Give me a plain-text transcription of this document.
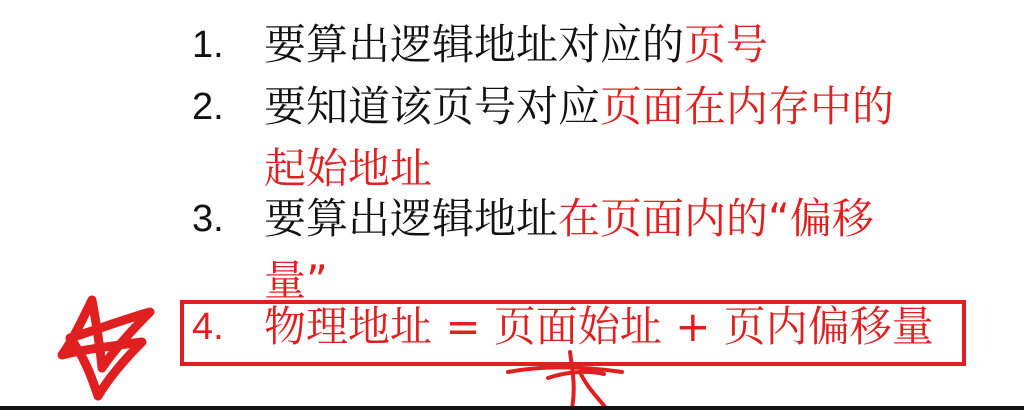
1. 要算出逻辑地址对应的页号
2. 要知道该页号对应页面在内存中的
起始地址
3. 要算出逻辑地址在页面内的“偏移
量”
4. 物理地址 = 页面始址 + 页内偏移量
